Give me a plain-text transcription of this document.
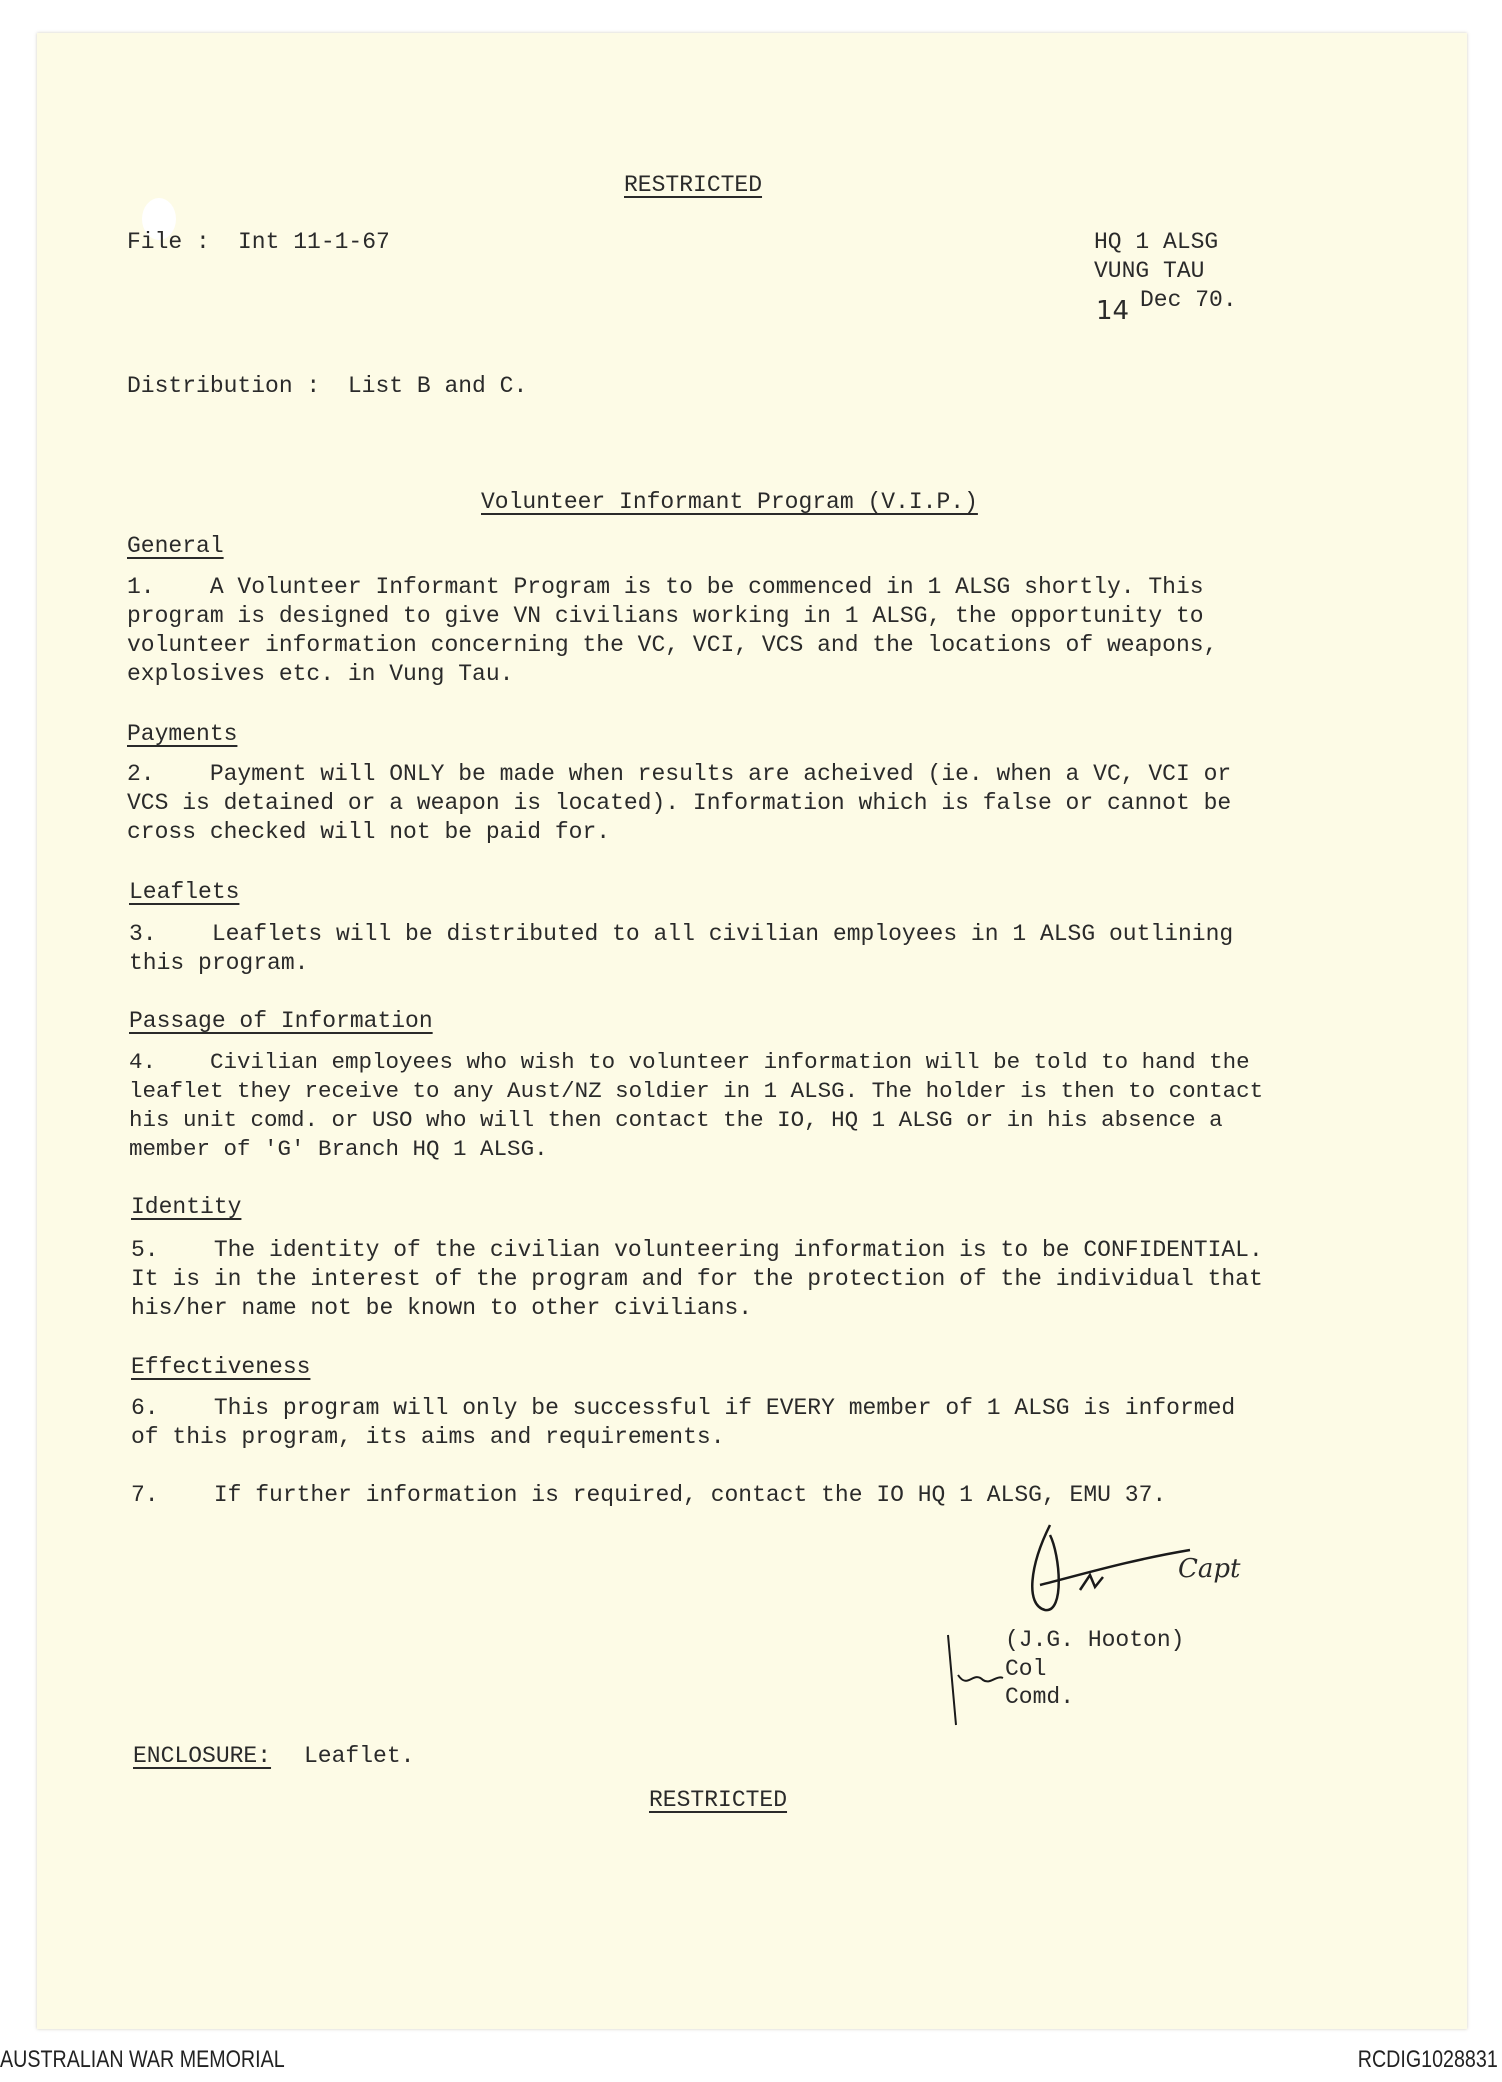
RESTRICTED
File : Int 11-1-67	HQ 1 ALSG
VUNG TAU
14 Dec 70.
Distribution :  List B and C.
Volunteer Informant Program (V.I.P.)
General
1.    A Volunteer Informant Program is to be commenced in 1 ALSG shortly. This
program is designed to give VN civilians working in 1 ALSG, the opportunity to
volunteer information concerning the VC, VCI, VCS and the locations of weapons,
explosives etc. in Vung Tau.
Payments
2.    Payment will ONLY be made when results are acheived (ie. when a VC, VCI or
VCS is detained or a weapon is located). Information which is false or cannot be
cross checked will not be paid for.
Leaflets
3.    Leaflets will be distributed to all civilian employees in 1 ALSG outlining
this program.
Passage of Information
4.    Civilian employees who wish to volunteer information will be told to hand the
leaflet they receive to any Aust/NZ soldier in 1 ALSG. The holder is then to contact
his unit comd. or USO who will then contact the IO, HQ 1 ALSG or in his absence a
member of 'G' Branch HQ 1 ALSG.
Identity
5.    The identity of the civilian volunteering information is to be CONFIDENTIAL.
It is in the interest of the program and for the protection of the individual that
his/her name not be known to other civilians.
Effectiveness
6.    This program will only be successful if EVERY member of 1 ALSG is informed
of this program, its aims and requirements.
7.    If further information is required, contact the IO HQ 1 ALSG, EMU 37.
Capt
(J.G. Hooton)
Col
Comd.
ENCLOSURE: Leaflet.
RESTRICTED
AUSTRALIAN WAR MEMORIAL	RCDIG1028831
